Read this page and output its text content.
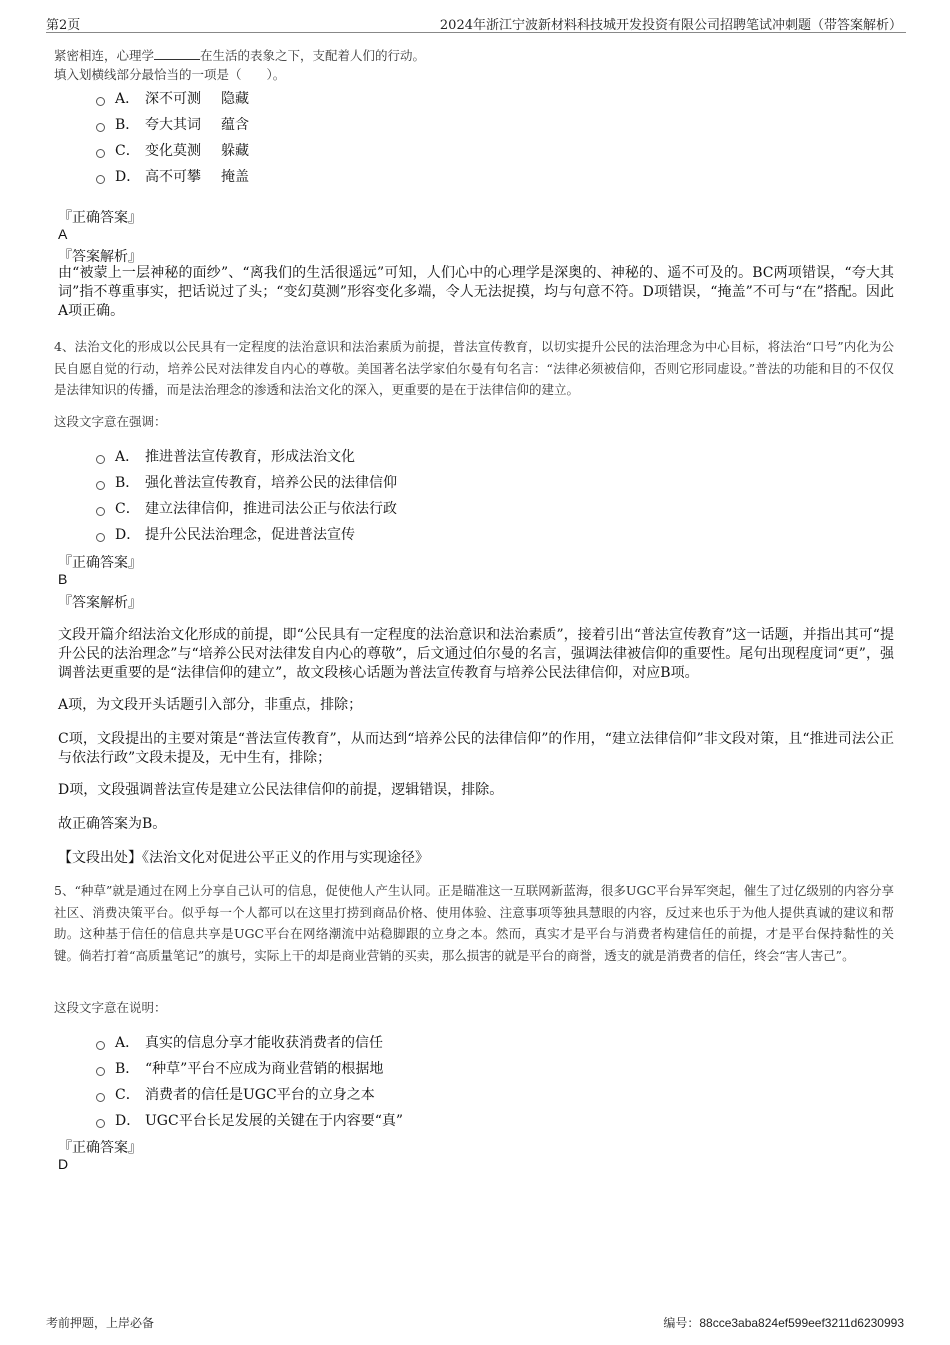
第2页	2024年浙江宁波新材料科技城开发投资有限公司招聘笔试冲刺题（带答案解析）
紧密相连，心理学	在生活的表象之下，支配着人们的行动。
填入划横线部分最恰当的一项是（　　）。
A． 深不可测 隐藏
B． 夸大其词 蕴含
C． 变化莫测 躲藏
D． 高不可攀 掩盖
『正确答案』
A
『答案解析』
由“被蒙上一层神秘的面纱”、“离我们的生活很遥远”可知，人们心中的心理学是深奥的、神秘的、遥不可及的。BC两项错误，“夸大其词”指不尊重事实，把话说过了头；“变幻莫测”形容变化多端，令人无法捉摸，均与句意不符。D项错误，“掩盖”不可与“在”搭配。因此A项正确。
4、法治文化的形成以公民具有一定程度的法治意识和法治素质为前提，普法宣传教育，以切实提升公民的法治理念为中心目标，将法治“口号”内化为公民自愿自觉的行动，培养公民对法律发自内心的尊敬。美国著名法学家伯尔曼有句名言：“法律必须被信仰，否则它形同虚设。”普法的功能和目的不仅仅是法律知识的传播，而是法治理念的渗透和法治文化的深入，更重要的是在于法律信仰的建立。
这段文字意在强调：
A． 推进普法宣传教育，形成法治文化
B． 强化普法宣传教育，培养公民的法律信仰
C． 建立法律信仰，推进司法公正与依法行政
D． 提升公民法治理念，促进普法宣传
『正确答案』
B
『答案解析』
文段开篇介绍法治文化形成的前提，即“公民具有一定程度的法治意识和法治素质”，接着引出“普法宣传教育”这一话题，并指出其可“提升公民的法治理念”与“培养公民对法律发自内心的尊敬”，后文通过伯尔曼的名言，强调法律被信仰的重要性。尾句出现程度词“更”，强调普法更重要的是“法律信仰的建立”，故文段核心话题为普法宣传教育与培养公民法律信仰，对应B项。
A项，为文段开头话题引入部分，非重点，排除；
C项，文段提出的主要对策是“普法宣传教育”，从而达到“培养公民的法律信仰”的作用，“建立法律信仰”非文段对策，且“推进司法公正与依法行政”文段未提及，无中生有，排除；
D项，文段强调普法宣传是建立公民法律信仰的前提，逻辑错误，排除。
故正确答案为B。
【文段出处】《法治文化对促进公平正义的作用与实现途径》
5、“种草”就是通过在网上分享自己认可的信息，促使他人产生认同。正是瞄准这一互联网新蓝海，很多UGC平台异军突起，催生了过亿级别的内容分享社区、消费决策平台。似乎每一个人都可以在这里打捞到商品价格、使用体验、注意事项等独具慧眼的内容，反过来也乐于为他人提供真诚的建议和帮助。这种基于信任的信息共享是UGC平台在网络潮流中站稳脚跟的立身之本。然而，真实才是平台与消费者构建信任的前提，才是平台保持黏性的关键。倘若打着“高质量笔记”的旗号，实际上干的却是商业营销的买卖，那么损害的就是平台的商誉，透支的就是消费者的信任，终会“害人害己”。
这段文字意在说明：
A． 真实的信息分享才能收获消费者的信任
B． “种草”平台不应成为商业营销的根据地
C． 消费者的信任是UGC平台的立身之本
D． UGC平台长足发展的关键在于内容要“真”
『正确答案』
D
考前押题，上岸必备	编号：88cce3aba824ef599eef3211d6230993
